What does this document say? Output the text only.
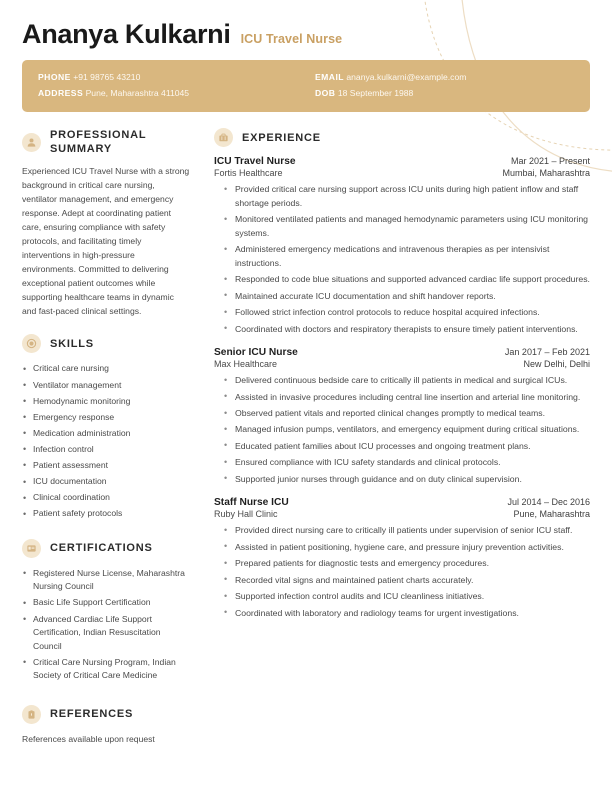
Ananya Kulkarni ICU Travel Nurse
PHONE +91 98765 43210
ADDRESS Pune, Maharashtra 411045
EMAIL ananya.kulkarni@example.com
DOB 18 September 1988
PROFESSIONAL SUMMARY
Experienced ICU Travel Nurse with a strong background in critical care nursing, ventilator management, and emergency response. Adept at coordinating patient care, ensuring compliance with safety protocols, and facilitating timely interventions in high-pressure environments. Committed to delivering exceptional patient outcomes while supporting healthcare teams in dynamic and fast-paced clinical settings.
SKILLS
• Critical care nursing
• Ventilator management
• Hemodynamic monitoring
• Emergency response
• Medication administration
• Infection control
• Patient assessment
• ICU documentation
• Clinical coordination
• Patient safety protocols
CERTIFICATIONS
• Registered Nurse License, Maharashtra Nursing Council
• Basic Life Support Certification
• Advanced Cardiac Life Support Certification, Indian Resuscitation Council
• Critical Care Nursing Program, Indian Society of Critical Care Medicine
REFERENCES
References available upon request
EXPERIENCE
ICU Travel Nurse	Mar 2021 – Present
Fortis Healthcare	Mumbai, Maharashtra
• Provided critical care nursing support across ICU units during high patient inflow and staff shortage periods.
• Monitored ventilated patients and managed hemodynamic parameters using ICU monitoring systems.
• Administered emergency medications and intravenous therapies as per intensivist instructions.
• Responded to code blue situations and supported advanced cardiac life support procedures.
• Maintained accurate ICU documentation and shift handover reports.
• Followed strict infection control protocols to reduce hospital acquired infections.
• Coordinated with doctors and respiratory therapists to ensure timely patient interventions.
Senior ICU Nurse	Jan 2017 – Feb 2021
Max Healthcare	New Delhi, Delhi
• Delivered continuous bedside care to critically ill patients in medical and surgical ICUs.
• Assisted in invasive procedures including central line insertion and arterial line monitoring.
• Observed patient vitals and reported clinical changes promptly to medical teams.
• Managed infusion pumps, ventilators, and emergency equipment during critical situations.
• Educated patient families about ICU processes and ongoing treatment plans.
• Ensured compliance with ICU safety standards and clinical protocols.
• Supported junior nurses through guidance and on duty clinical supervision.
Staff Nurse ICU	Jul 2014 – Dec 2016
Ruby Hall Clinic	Pune, Maharashtra
• Provided direct nursing care to critically ill patients under supervision of senior ICU staff.
• Assisted in patient positioning, hygiene care, and pressure injury prevention activities.
• Prepared patients for diagnostic tests and emergency procedures.
• Recorded vital signs and maintained patient charts accurately.
• Supported infection control audits and ICU cleanliness initiatives.
• Coordinated with laboratory and radiology teams for urgent investigations.
